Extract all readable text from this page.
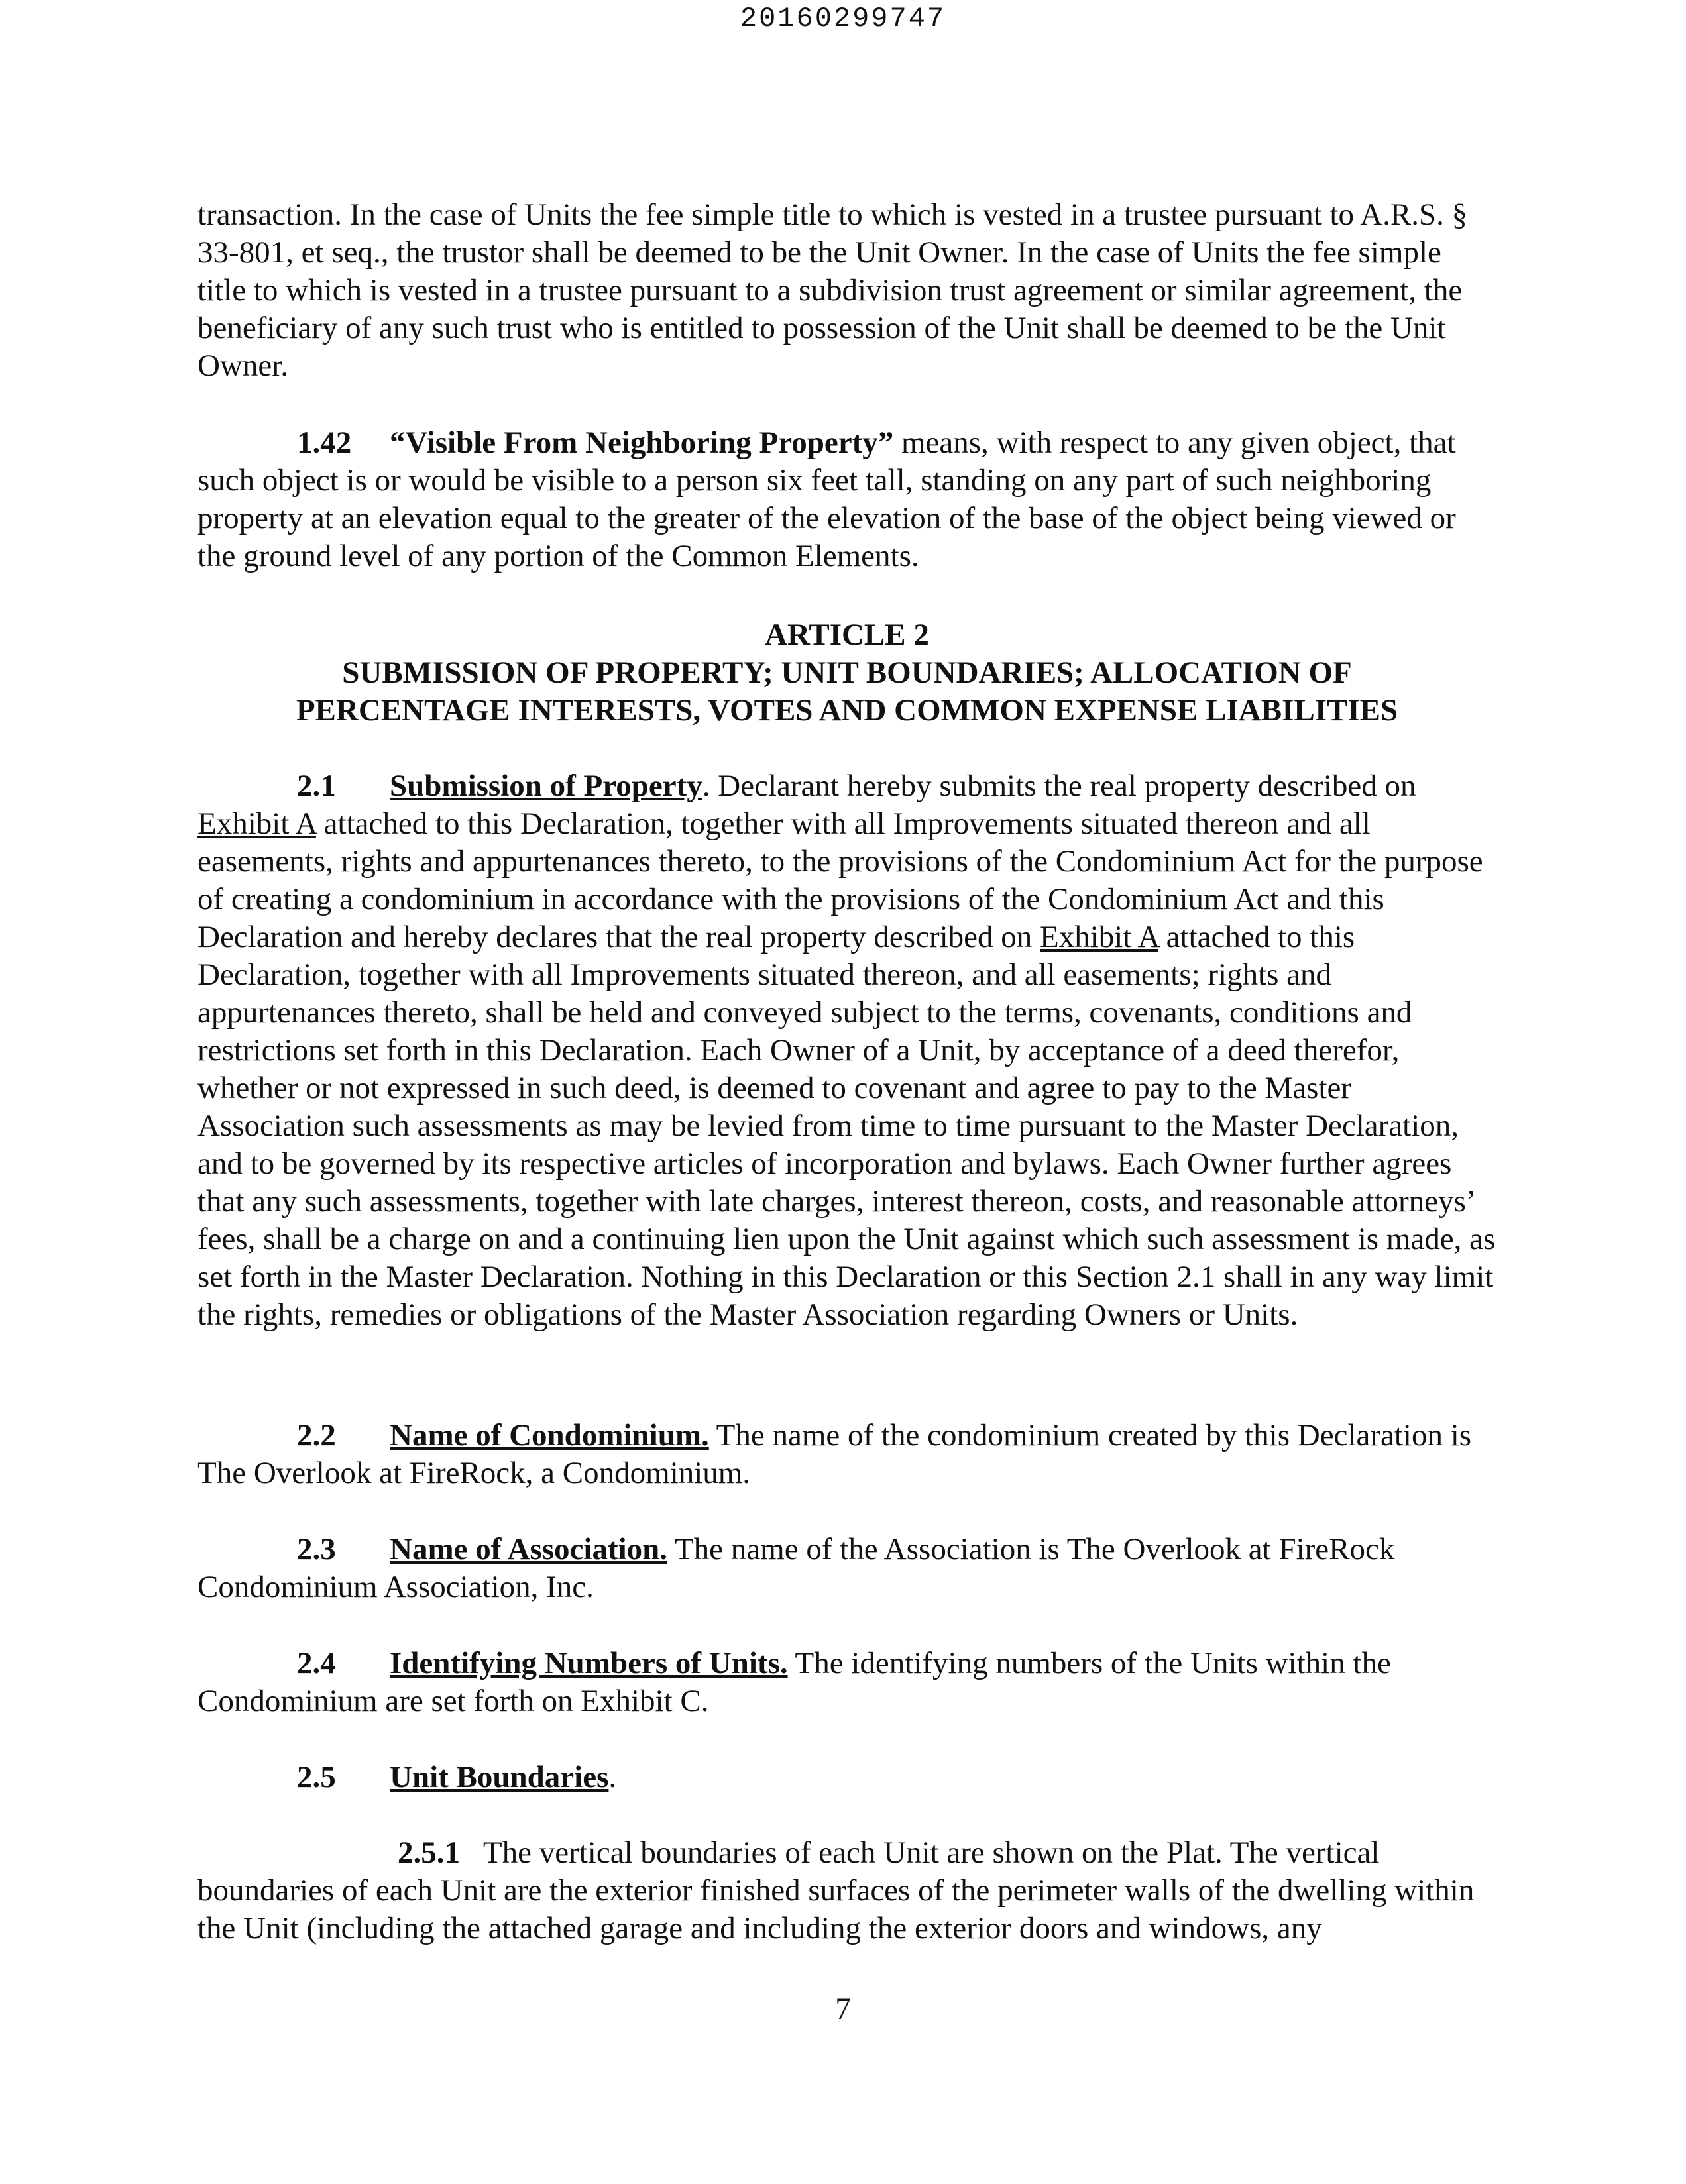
20160299747

transaction. In the case of Units the fee simple title to which is vested in a trustee pursuant to A.R.S. § 33-801, et seq., the trustor shall be deemed to be the Unit Owner. In the case of Units the fee simple title to which is vested in a trustee pursuant to a subdivision trust agreement or similar agreement, the beneficiary of any such trust who is entitled to possession of the Unit shall be deemed to be the Unit Owner.

1.42 “Visible From Neighboring Property” means, with respect to any given object, that such object is or would be visible to a person six feet tall, standing on any part of such neighboring property at an elevation equal to the greater of the elevation of the base of the object being viewed or the ground level of any portion of the Common Elements.

ARTICLE 2
SUBMISSION OF PROPERTY; UNIT BOUNDARIES; ALLOCATION OF
PERCENTAGE INTERESTS, VOTES AND COMMON EXPENSE LIABILITIES

2.1 Submission of Property. Declarant hereby submits the real property described on Exhibit A attached to this Declaration, together with all Improvements situated thereon and all easements, rights and appurtenances thereto, to the provisions of the Condominium Act for the purpose of creating a condominium in accordance with the provisions of the Condominium Act and this Declaration and hereby declares that the real property described on Exhibit A attached to this Declaration, together with all Improvements situated thereon, and all easements; rights and appurtenances thereto, shall be held and conveyed subject to the terms, covenants, conditions and restrictions set forth in this Declaration. Each Owner of a Unit, by acceptance of a deed therefor, whether or not expressed in such deed, is deemed to covenant and agree to pay to the Master Association such assessments as may be levied from time to time pursuant to the Master Declaration, and to be governed by its respective articles of incorporation and bylaws. Each Owner further agrees that any such assessments, together with late charges, interest thereon, costs, and reasonable attorneys’ fees, shall be a charge on and a continuing lien upon the Unit against which such assessment is made, as set forth in the Master Declaration. Nothing in this Declaration or this Section 2.1 shall in any way limit the rights, remedies or obligations of the Master Association regarding Owners or Units.

2.2 Name of Condominium. The name of the condominium created by this Declaration is The Overlook at FireRock, a Condominium.

2.3 Name of Association. The name of the Association is The Overlook at FireRock Condominium Association, Inc.

2.4 Identifying Numbers of Units. The identifying numbers of the Units within the Condominium are set forth on Exhibit C.

2.5 Unit Boundaries.

2.5.1 The vertical boundaries of each Unit are shown on the Plat. The vertical boundaries of each Unit are the exterior finished surfaces of the perimeter walls of the dwelling within the Unit (including the attached garage and including the exterior doors and windows, any

7
